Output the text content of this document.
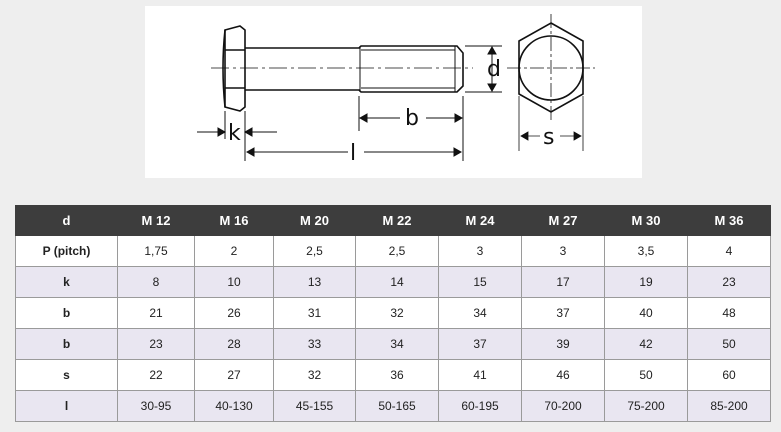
d
b
k
l
s
d	M 12	M 16	M 20	M 22	M 24	M 27	M 30	M 36
P (pitch)	1,75	2	2,5	2,5	3	3	3,5	4
k	8	10	13	14	15	17	19	23
b	21	26	31	32	34	37	40	48
b	23	28	33	34	37	39	42	50
s	22	27	32	36	41	46	50	60
l	30-95	40-130	45-155	50-165	60-195	70-200	75-200	85-200
